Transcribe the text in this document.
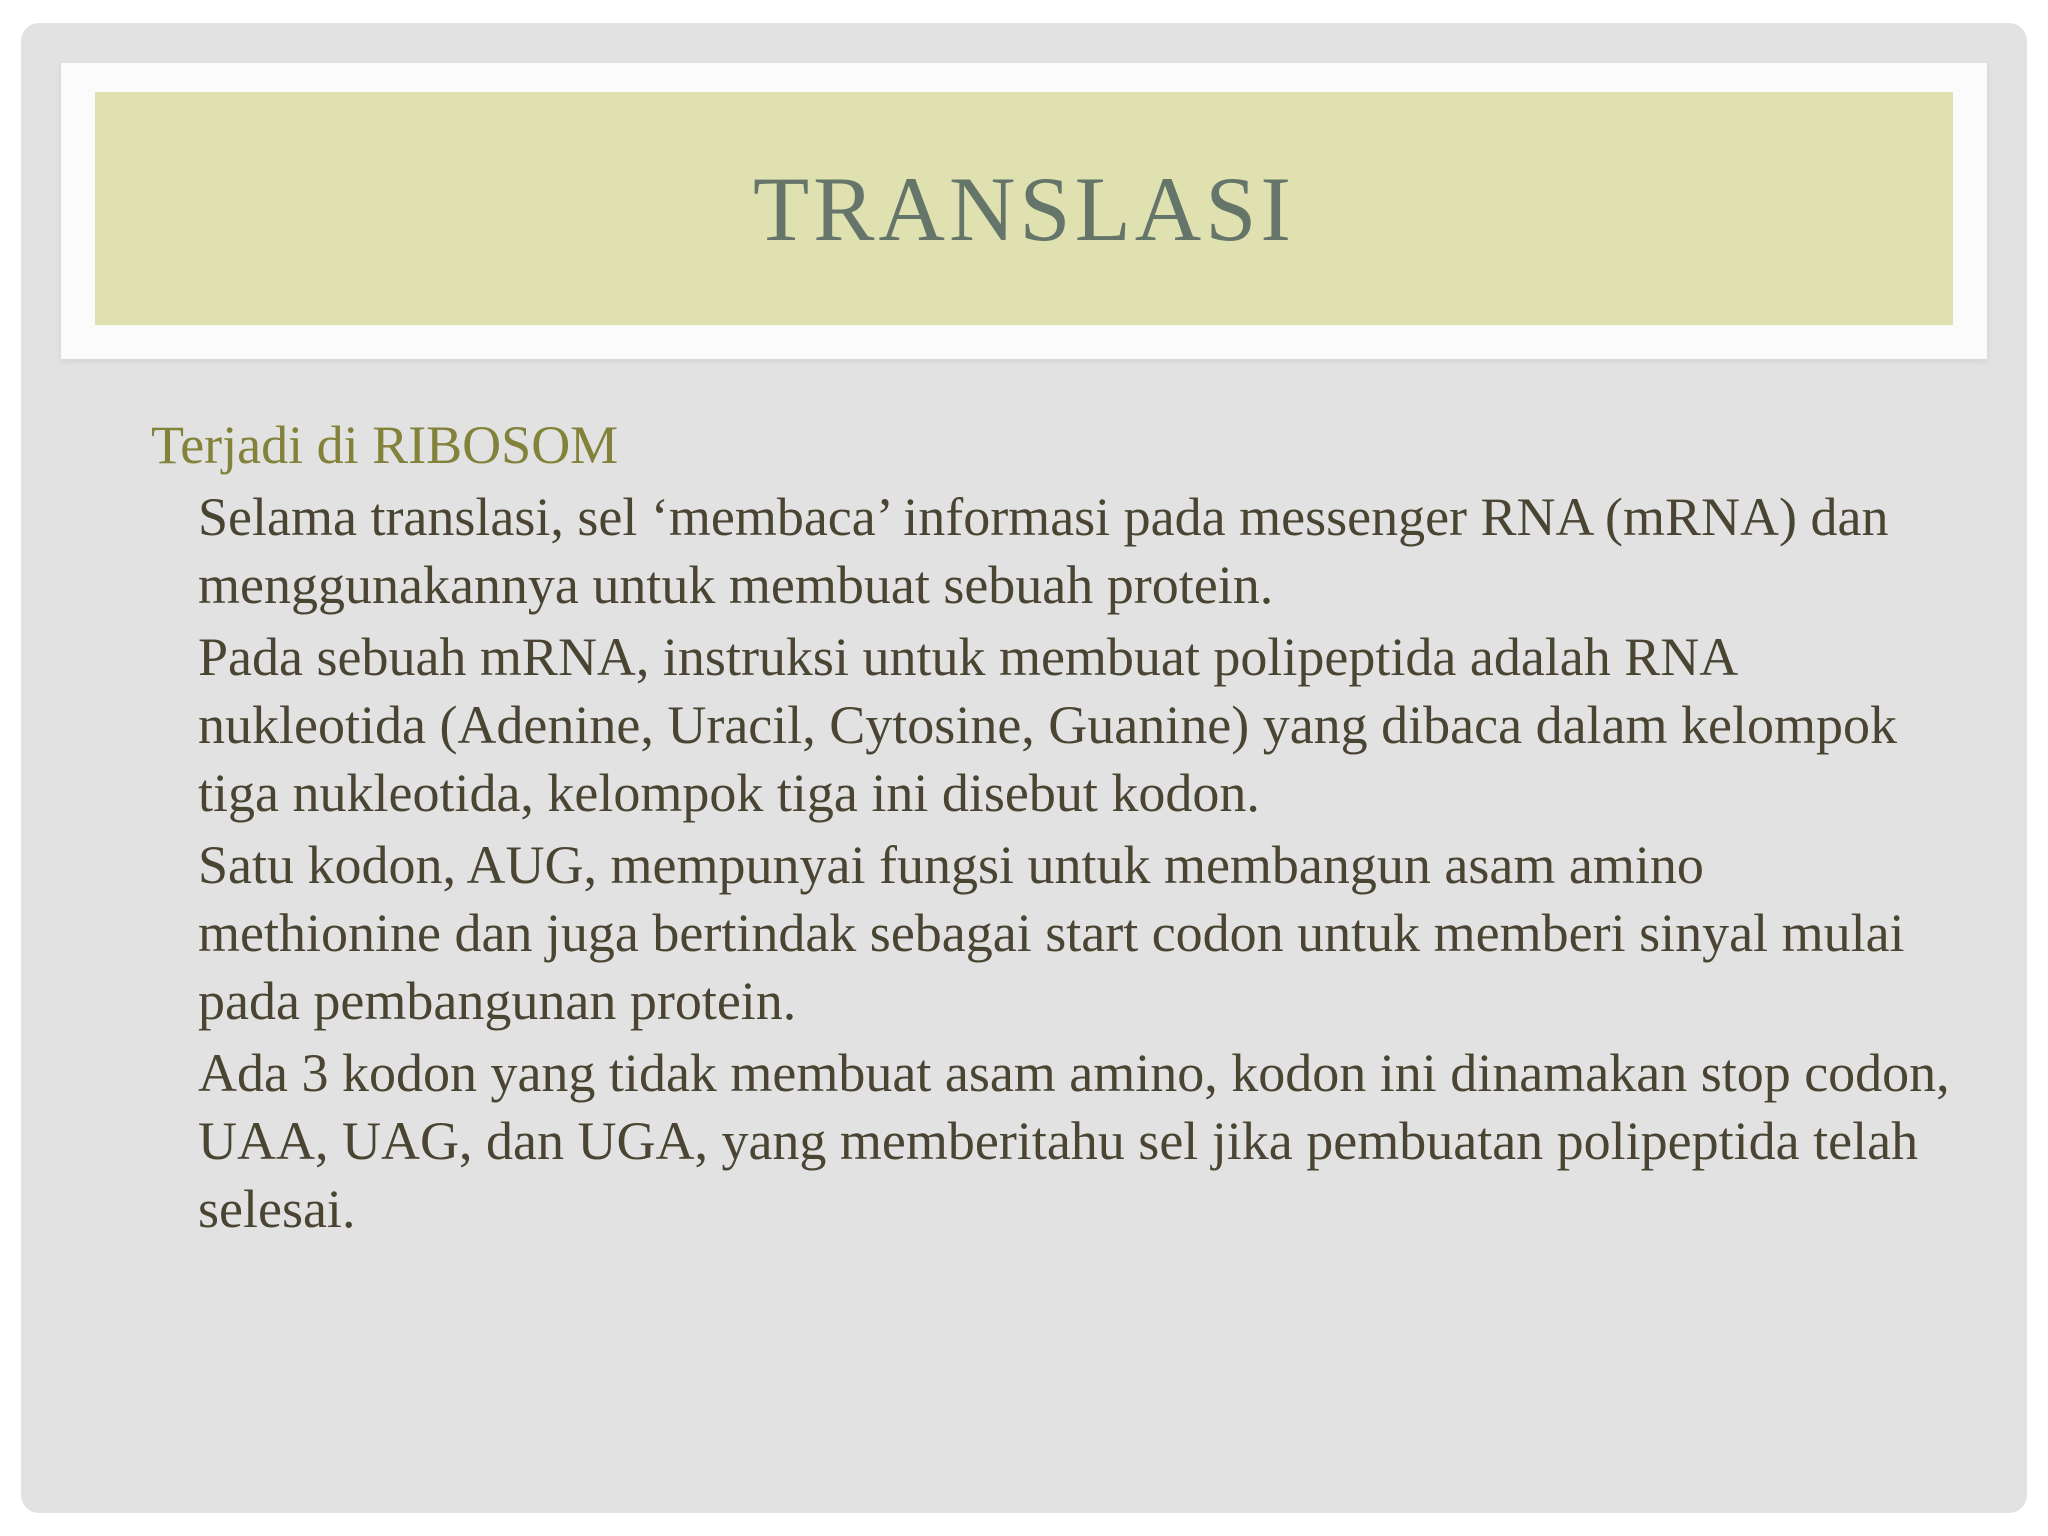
TRANSLASI

Terjadi di RIBOSOM

Selama translasi, sel ‘membaca’ informasi pada messenger RNA (mRNA) dan menggunakannya untuk membuat sebuah protein.

Pada sebuah mRNA, instruksi untuk membuat polipeptida adalah RNA nukleotida (Adenine, Uracil, Cytosine, Guanine) yang dibaca dalam kelompok tiga nukleotida, kelompok tiga ini disebut kodon.

Satu kodon, AUG, mempunyai fungsi untuk membangun asam amino methionine dan juga bertindak sebagai start codon untuk memberi sinyal mulai pada pembangunan protein.

Ada 3 kodon yang tidak membuat asam amino, kodon ini dinamakan stop codon, UAA, UAG, dan UGA, yang memberitahu sel jika pembuatan polipeptida telah selesai.
